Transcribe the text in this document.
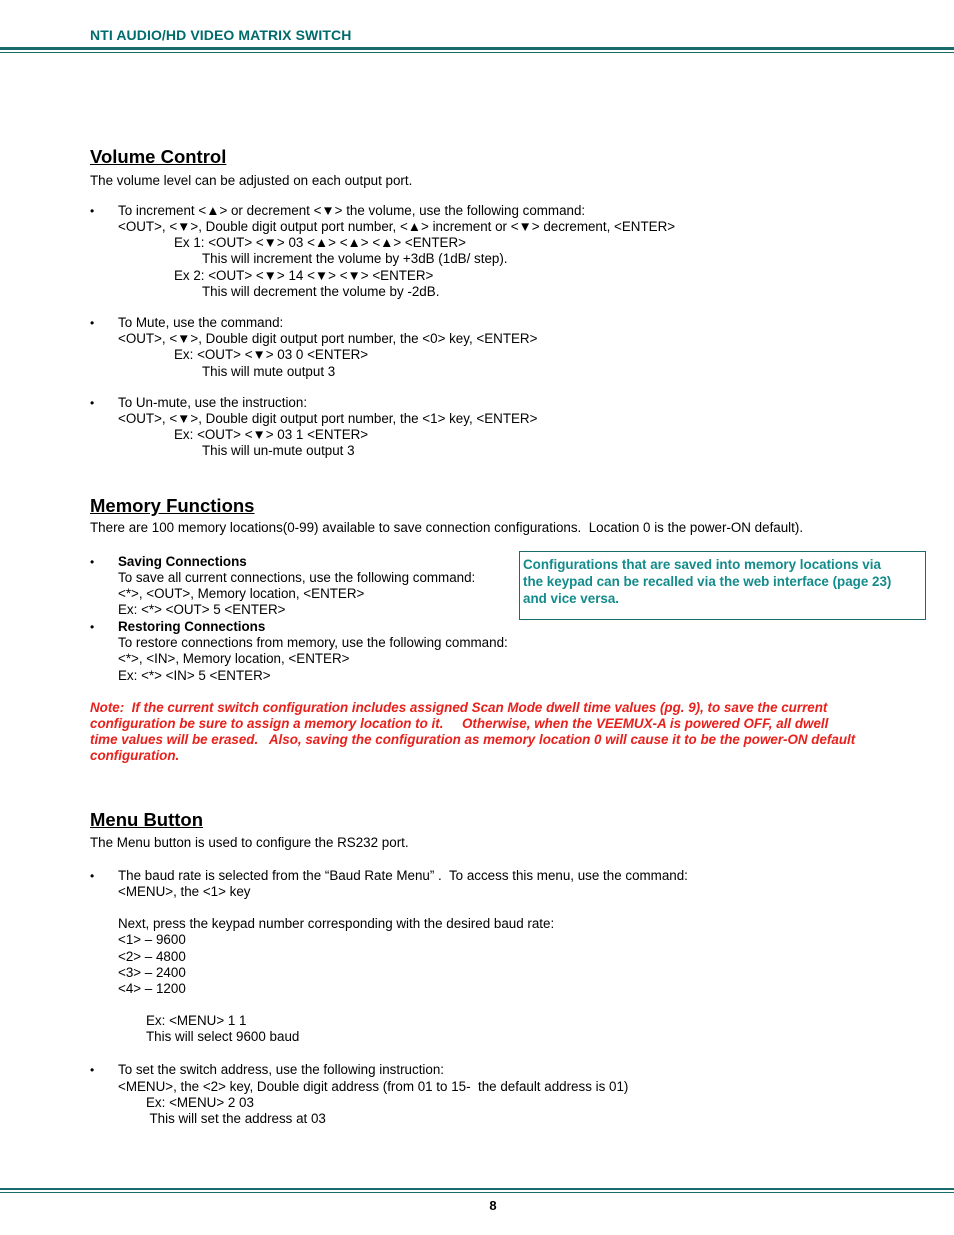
NTI AUDIO/HD VIDEO MATRIX SWITCH
Volume Control
The volume level can be adjusted on each output port.
• To increment <▲> or decrement <▼> the volume, use the following command:
<OUT>, <▼>, Double digit output port number, <▲> increment or <▼> decrement, <ENTER>
Ex 1: <OUT> <▼> 03 <▲> <▲> <▲> <ENTER>
This will increment the volume by +3dB (1dB/ step).
Ex 2: <OUT> <▼> 14 <▼> <▼> <ENTER>
This will decrement the volume by -2dB.
• To Mute, use the command:
<OUT>, <▼>, Double digit output port number, the <0> key, <ENTER>
Ex: <OUT> <▼> 03 0 <ENTER>
This will mute output 3
• To Un-mute, use the instruction:
<OUT>, <▼>, Double digit output port number, the <1> key, <ENTER>
Ex: <OUT> <▼> 03 1 <ENTER>
This will un-mute output 3
Memory Functions
There are 100 memory locations(0-99) available to save connection configurations.  Location 0 is the power-ON default).
• Saving Connections
To save all current connections, use the following command:
<*>, <OUT>, Memory location, <ENTER>
Ex: <*> <OUT> 5 <ENTER>
• Restoring Connections
To restore connections from memory, use the following command:
<*>, <IN>, Memory location, <ENTER>
Ex: <*> <IN> 5 <ENTER>
Configurations that are saved into memory locations via
the keypad can be recalled via the web interface (page 23)
and vice versa.
Note:  If the current switch configuration includes assigned Scan Mode dwell time values (pg. 9), to save the current
configuration be sure to assign a memory location to it.     Otherwise, when the VEEMUX-A is powered OFF, all dwell
time values will be erased.   Also, saving the configuration as memory location 0 will cause it to be the power-ON default
configuration.
Menu Button
The Menu button is used to configure the RS232 port.
• The baud rate is selected from the “Baud Rate Menu” .  To access this menu, use the command:
<MENU>, the <1> key
Next, press the keypad number corresponding with the desired baud rate:
<1> – 9600
<2> – 4800
<3> – 2400
<4> – 1200
Ex: <MENU> 1 1
This will select 9600 baud
• To set the switch address, use the following instruction:
<MENU>, the <2> key, Double digit address (from 01 to 15-  the default address is 01)
Ex: <MENU> 2 03
This will set the address at 03
8
